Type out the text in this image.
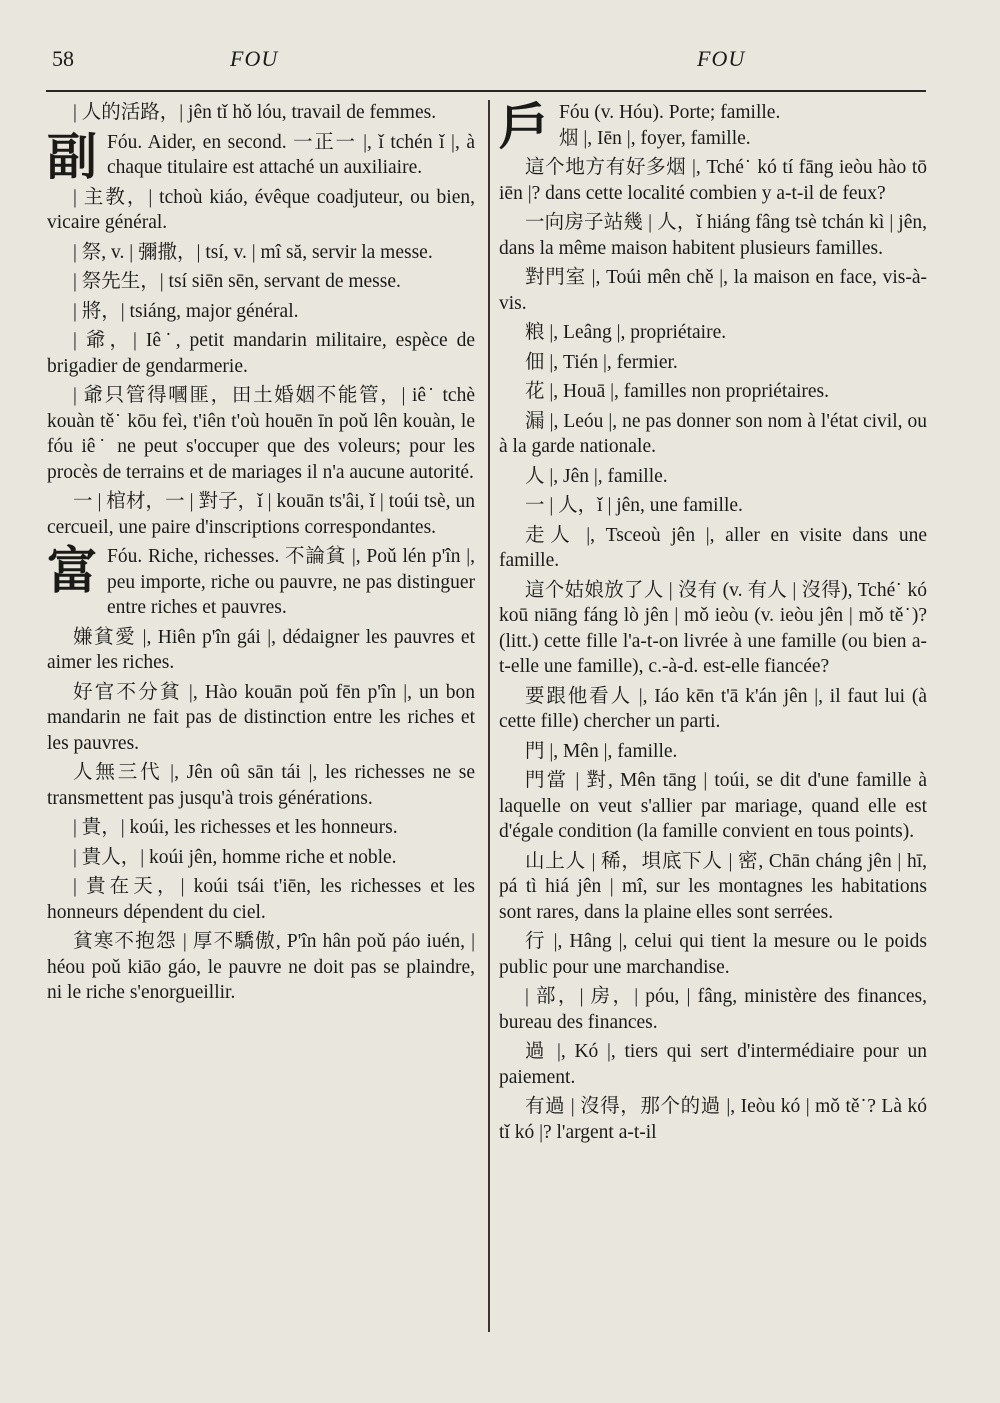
58	FOU	FOU
| 人的活路，| jên tǐ hǒ lóu, travail de femmes.
副 Fóu. Aider, en second. 一正一 |, ǐ tchén ǐ |, à chaque titulaire est attaché un auxiliaire.
| 主教，| tchoù kiáo, évêque coadjuteur, ou bien, vicaire général.
| 祭, v. | 彌撒，| tsí, v. | mî să, servir la messe.
| 祭先生，| tsí siēn sēn, servant de messe.
| 將，| tsiáng, major général.
| 爺，| Iê˙, petit mandarin militaire, espèce de brigadier de gendarmerie.
| 爺只管得嘓匪，田土婚姻不能管，| iê˙ tchè kouàn tě˙ kōu feì, t'iên t'où houēn īn poǔ lên kouàn, le fóu iê˙ ne peut s'occuper que des voleurs; pour les procès de terrains et de mariages il n'a aucune autorité.
一 | 棺材，一 | 對子，ǐ | kouān ts'âi, ǐ | toúi tsè, un cercueil, une paire d'inscriptions correspondantes.
富 Fóu. Riche, richesses. 不論貧 |, Poǔ lén p'în |, peu importe, riche ou pauvre, ne pas distinguer entre riches et pauvres.
嫌貧愛 |, Hiên p'în gái |, dédaigner les pauvres et aimer les riches.
好官不分貧 |, Hào kouān poǔ fēn p'în |, un bon mandarin ne fait pas de distinction entre les riches et les pauvres.
人無三代 |, Jên oû sān tái |, les richesses ne se transmettent pas jusqu'à trois générations.
| 貴，| koúi, les richesses et les honneurs.
| 貴人，| koúi jên, homme riche et noble.
| 貴在天，| koúi tsái t'iēn, les richesses et les honneurs dépendent du ciel.
貧寒不抱怨 | 厚不驕傲, P'în hân poǔ páo iuén, | héou poǔ kiāo gáo, le pauvre ne doit pas se plaindre, ni le riche s'enorgueillir.
戶 Fóu (v. Hóu). Porte; famille.
烟 |, Iēn |, foyer, famille.
這个地方有好多烟 |, Tché˙ kó tí fāng ieòu hào tō iēn |? dans cette localité combien y a-t-il de feux?
一向房子站幾 | 人，ǐ hiáng fâng tsè tchán kì | jên, dans la même maison habitent plusieurs familles.
對門室 |, Toúi mên chě |, la maison en face, vis-à-vis.
粮 |, Leâng |, propriétaire.
佃 |, Tién |, fermier.
花 |, Houā |, familles non propriétaires.
漏 |, Leóu |, ne pas donner son nom à l'état civil, ou à la garde nationale.
人 |, Jên |, famille.
一 | 人，ǐ | jên, une famille.
走人 |, Tsceoù jên |, aller en visite dans une famille.
這个姑娘放了人 | 沒有 (v. 有人 | 沒得), Tché˙ kó koū niāng fáng lò jên | mǒ ieòu (v. ieòu jên | mǒ tě˙)? (litt.) cette fille l'a-t-on livrée à une famille (ou bien a-t-elle une famille), c.-à-d. est-elle fiancée?
要跟他看人 |, Iáo kēn t'ā k'án jên |, il faut lui (à cette fille) chercher un parti.
門 |, Mên |, famille.
門當 | 對, Mên tāng | toúi, se dit d'une famille à laquelle on veut s'allier par mariage, quand elle est d'égale condition (la famille convient en tous points).
山上人 | 稀，垻底下人 | 密, Chān cháng jên | hī, pá tì hiá jên | mî, sur les montagnes les habitations sont rares, dans la plaine elles sont serrées.
行 |, Hâng |, celui qui tient la mesure ou le poids public pour une marchandise.
| 部，| 房，| póu, | fâng, ministère des finances, bureau des finances.
過 |, Kó |, tiers qui sert d'intermédiaire pour un paiement.
有過 | 沒得，那个的過 |, Ieòu kó | mǒ tě˙? Là kó tǐ kó |? l'argent a-t-il
